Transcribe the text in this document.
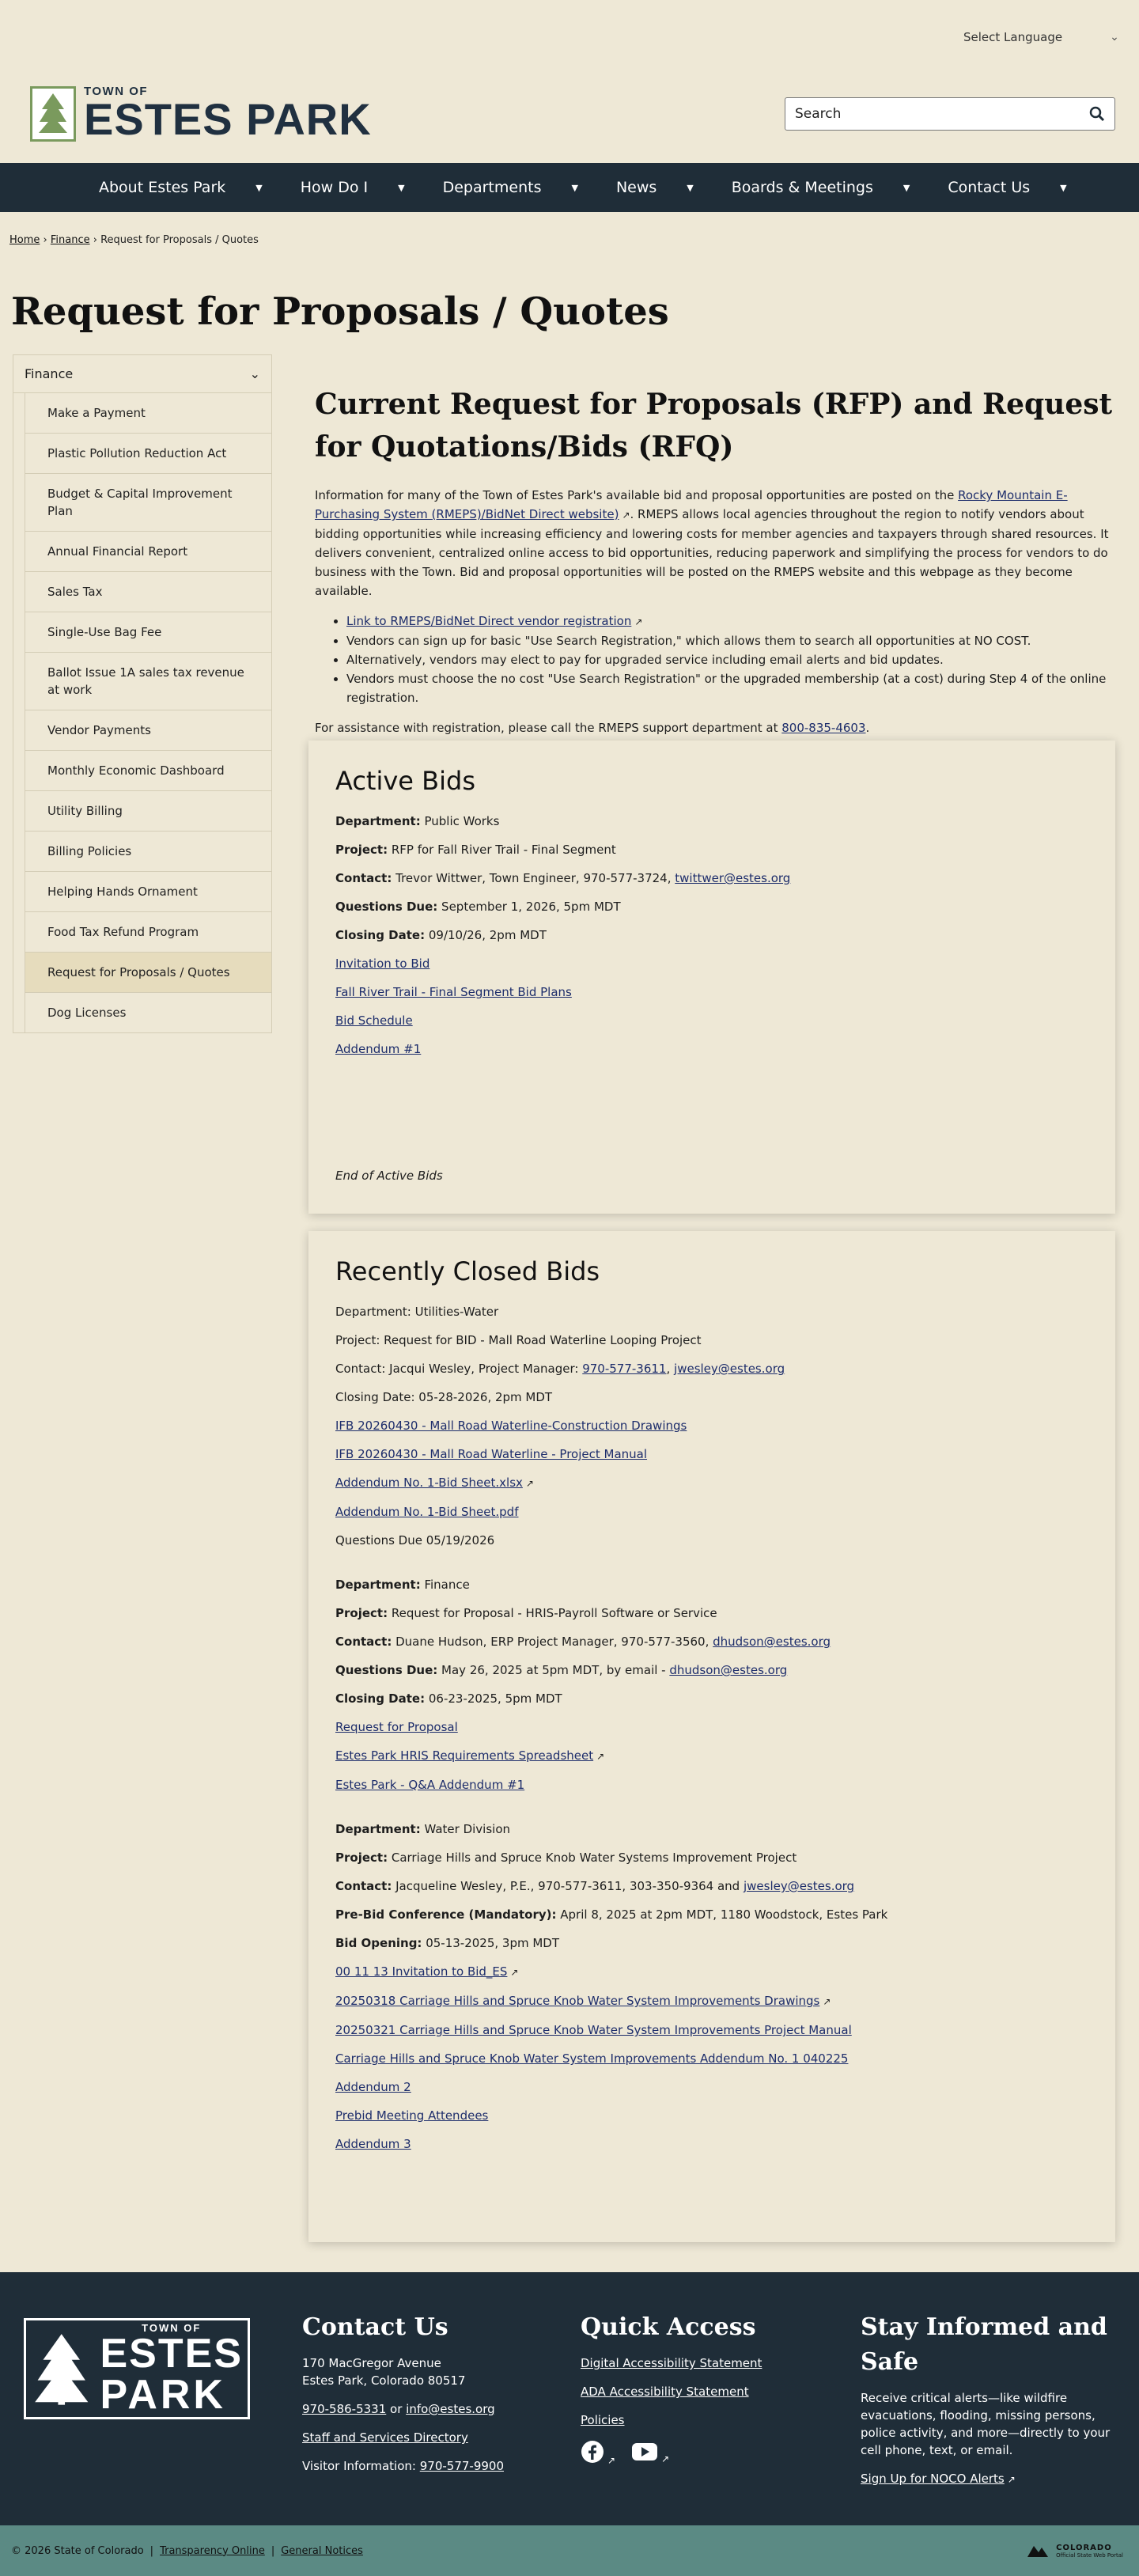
Select Language	⌄
TOWN OF
ESTES PARK	Search
About Estes Park	▼	How Do I	▼	Departments	▼	News	▼	Boards & Meetings	▼	Contact Us	▼
Home › Finance › Request for Proposals / Quotes
Request for Proposals / Quotes
Finance	⌄
Make a Payment
Plastic Pollution Reduction Act
Budget & Capital Improvement Plan
Annual Financial Report
Sales Tax
Single-Use Bag Fee
Ballot Issue 1A sales tax revenue at work
Vendor Payments
Monthly Economic Dashboard
Utility Billing
Billing Policies
Helping Hands Ornament
Food Tax Refund Program
Request for Proposals / Quotes
Dog Licenses
Current Request for Proposals (RFP) and Request for Quotations/Bids (RFQ)

Information for many of the Town of Estes Park's available bid and proposal opportunities are posted on the Rocky Mountain E-Purchasing System (RMEPS)/BidNet Direct website) ↗. RMEPS allows local agencies throughout the region to notify vendors about bidding opportunities while increasing efficiency and lowering costs for member agencies and taxpayers through shared resources. It delivers convenient, centralized online access to bid opportunities, reducing paperwork and simplifying the process for vendors to do business with the Town. Bid and proposal opportunities will be posted on the RMEPS website and this webpage as they become available.

• Link to RMEPS/BidNet Direct vendor registration ↗
• Vendors can sign up for basic "Use Search Registration," which allows them to search all opportunities at NO COST.
• Alternatively, vendors may elect to pay for upgraded service including email alerts and bid updates.
• Vendors must choose the no cost "Use Search Registration" or the upgraded membership (at a cost) during Step 4 of the online registration.

For assistance with registration, please call the RMEPS support department at 800-835-4603.

Active Bids
Department: Public Works
Project: RFP for Fall River Trail - Final Segment
Contact: Trevor Wittwer, Town Engineer, 970-577-3724, twittwer@estes.org
Questions Due: September 1, 2026, 5pm MDT
Closing Date: 09/10/26, 2pm MDT
Invitation to Bid
Fall River Trail - Final Segment Bid Plans
Bid Schedule
Addendum #1
End of Active Bids
Recently Closed Bids
Department: Utilities-Water
Project: Request for BID - Mall Road Waterline Looping Project
Contact: Jacqui Wesley, Project Manager: 970-577-3611, jwesley@estes.org
Closing Date: 05-28-2026, 2pm MDT
IFB 20260430 - Mall Road Waterline-Construction Drawings
IFB 20260430 - Mall Road Waterline - Project Manual
Addendum No. 1-Bid Sheet.xlsx ↗
Addendum No. 1-Bid Sheet.pdf
Questions Due 05/19/2026
Department: Finance
Project: Request for Proposal - HRIS-Payroll Software or Service
Contact: Duane Hudson, ERP Project Manager, 970-577-3560, dhudson@estes.org
Questions Due: May 26, 2025 at 5pm MDT, by email - dhudson@estes.org
Closing Date: 06-23-2025, 5pm MDT
Request for Proposal
Estes Park HRIS Requirements Spreadsheet ↗
Estes Park - Q&A Addendum #1
Department: Water Division
Project: Carriage Hills and Spruce Knob Water Systems Improvement Project
Contact: Jacqueline Wesley, P.E., 970-577-3611, 303-350-9364 and jwesley@estes.org
Pre-Bid Conference (Mandatory): April 8, 2025 at 2pm MDT, 1180 Woodstock, Estes Park
Bid Opening: 05-13-2025, 3pm MDT
00 11 13 Invitation to Bid_ES ↗
20250318 Carriage Hills and Spruce Knob Water System Improvements Drawings ↗
20250321 Carriage Hills and Spruce Knob Water System Improvements Project Manual
Carriage Hills and Spruce Knob Water System Improvements Addendum No. 1 040225
Addendum 2
Prebid Meeting Attendees
Addendum 3
TOWN OF
ESTES
PARK
Contact Us
170 MacGregor Avenue
Estes Park, Colorado 80517
970-586-5331 or info@estes.org
Staff and Services Directory
Visitor Information: 970-577-9900
Quick Access
Digital Accessibility Statement
ADA Accessibility Statement
Policies
↗	↗
Stay Informed and Safe
Receive critical alerts—like wildfire evacuations, flooding, missing persons, police activity, and more—directly to your cell phone, text, or email.
Sign Up for NOCO Alerts ↗
© 2026 State of Colorado | Transparency Online | General Notices	COLORADO
Official State Web Portal
